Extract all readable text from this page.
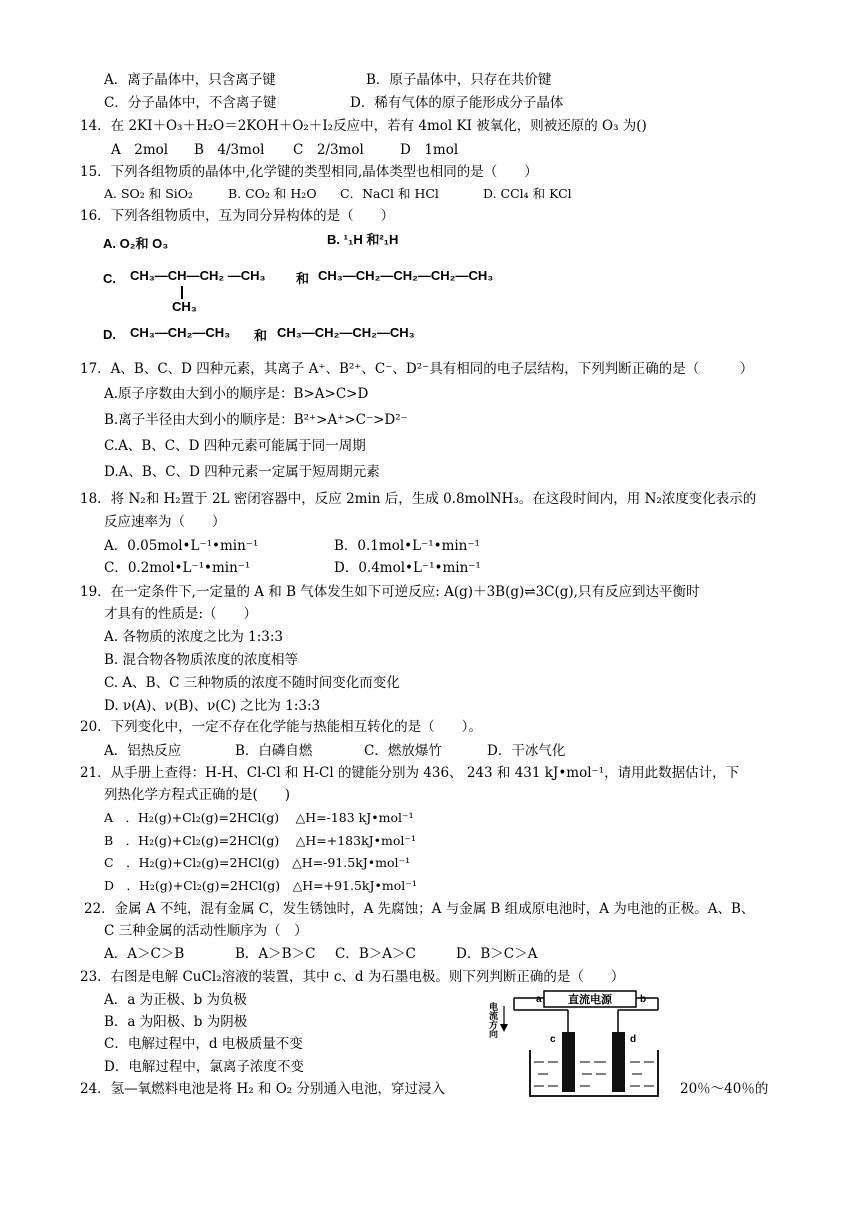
A．离子晶体中，只含离子键	B．原子晶体中，只存在共价键
C．分子晶体中，不含离子键	D．稀有气体的原子能形成分子晶体
14．在 2KI＋O₃＋H₂O＝2KOH＋O₂＋I₂反应中，若有 4mol KI 被氧化，则被还原的 O₃ 为()
A　2mol B　4/3mol C　2/3mol	D　1mol
15．下列各组物质的晶体中,化学键的类型相同,晶体类型也相同的是（　　）
A. SO₂ 和 SiO₂	B. CO₂ 和 H₂O C．NaCl 和 HCl	D. CCl₄ 和 KCl
16．下列各组物质中，互为同分异构体的是（　　）
A. O₂和 O₃	B. ¹₁H 和²₁H
C. CH₃—CH—CH₂ —CH₃
CH₃
和 CH₃—CH₂—CH₂—CH₂—CH₃
D. CH₃—CH₂—CH₃ 和 CH₃—CH₂—CH₂—CH₃
17．A、B、C、D 四种元素，其离子 A⁺、B²⁺、C⁻、D²⁻具有相同的电子层结构，下列判断正确的是（　　　）
A.原子序数由大到小的顺序是：B>A>C>D
B.离子半径由大到小的顺序是：B²⁺>A⁺>C⁻>D²⁻
C.A、B、C、D 四种元素可能属于同一周期
D.A、B、C、D 四种元素一定属于短周期元素
18．将 N₂和 H₂置于 2L 密闭容器中，反应 2min 后，生成 0.8molNH₃。在这段时间内，用 N₂浓度变化表示的
反应速率为（　　）
A．0.05mol•L⁻¹•min⁻¹	B．0.1mol•L⁻¹•min⁻¹
C．0.2mol•L⁻¹•min⁻¹	D．0.4mol•L⁻¹•min⁻¹
19．在一定条件下,一定量的 A 和 B 气体发生如下可逆反应: A(g)＋3B(g)⇌3C(g),只有反应到达平衡时
才具有的性质是:（　　）
A. 各物质的浓度之比为 1:3:3
B. 混合物各物质浓度的浓度相等
C. A、B、C 三种物质的浓度不随时间变化而变化
D. ν(A)、ν(B)、ν(C) 之比为 1:3:3
20．下列变化中，一定不存在化学能与热能相互转化的是（　　）。
A．铝热反应	B．白磷自燃	C．燃放爆竹	D．干冰气化
21．从手册上查得：H-H、Cl-Cl 和 H-Cl 的键能分别为 436、 243 和 431 kJ•mol⁻¹，请用此数据估计，下
列热化学方程式正确的是(　　)
A　．H₂(g)+Cl₂(g)=2HCl(g)　 △H=-183 kJ•mol⁻¹
B　．H₂(g)+Cl₂(g)=2HCl(g)　 △H=+183kJ•mol⁻¹
C　．H₂(g)+Cl₂(g)=2HCl(g)　△H=-91.5kJ•mol⁻¹
D　．H₂(g)+Cl₂(g)=2HCl(g)　△H=+91.5kJ•mol⁻¹
22．金属 A 不纯，混有金属 C，发生锈蚀时，A 先腐蚀；A 与金属 B 组成原电池时，A 为电池的正极。A、B、
C 三种金属的活动性顺序为（　）
A．A＞C＞B	B．A＞B＞C C．B＞A＞C	D．B＞C＞A
23．右图是电解 CuCl₂溶液的装置，其中 c、d 为石墨电极。则下列判断正确的是（　　）
A．a 为正极、b 为负极
B．a 为阳极、b 为阴极
C．电解过程中，d 电极质量不变
D．电解过程中，氯离子浓度不变
电流方向
直流电源
a	b
c	d
24．氢—氧燃料电池是将 H₂ 和 O₂ 分别通入电池，穿过浸入	20％～40％的
